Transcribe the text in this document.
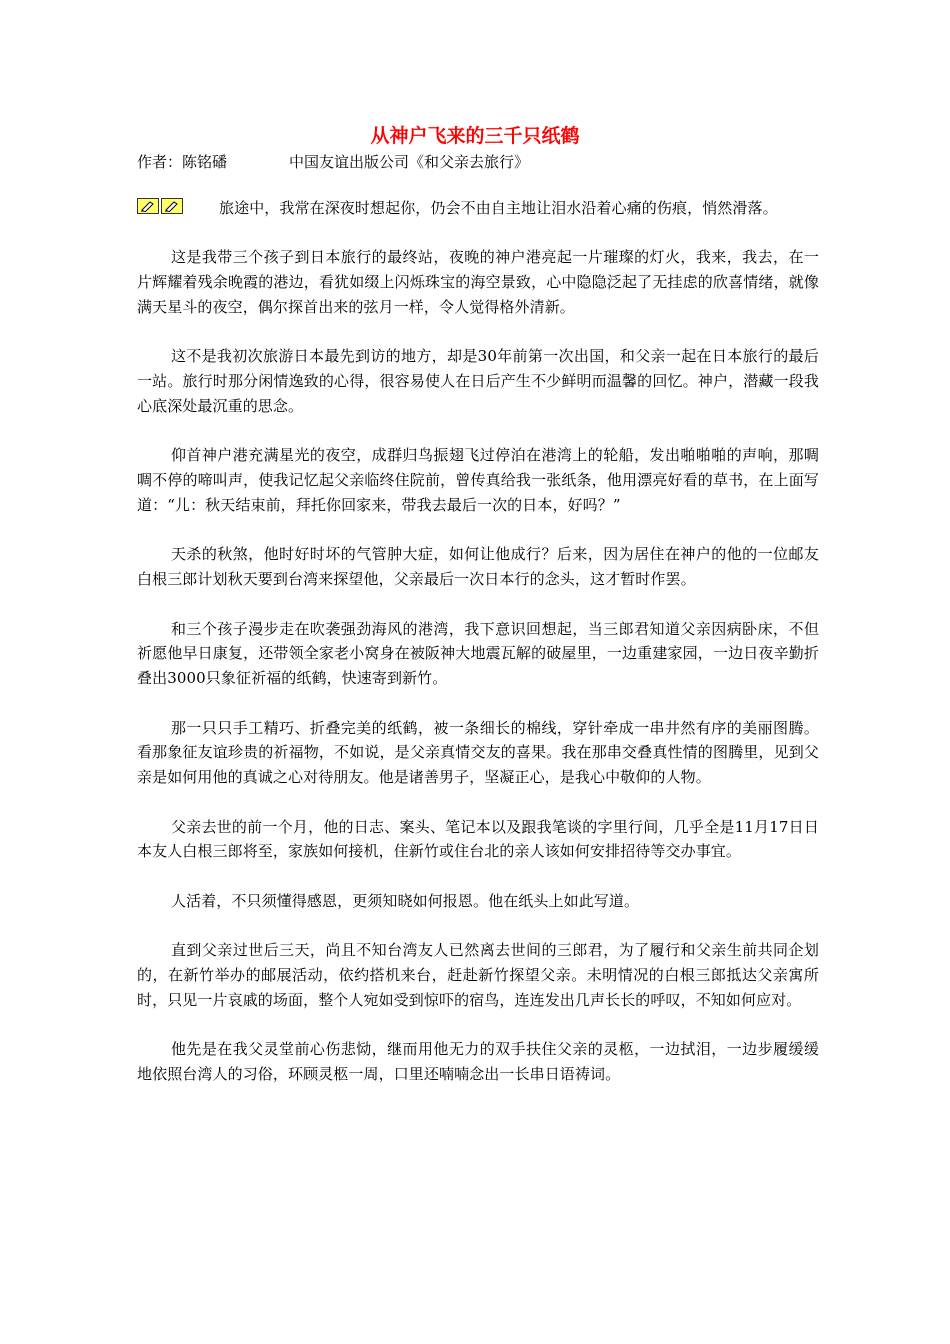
从神户飞来的三千只纸鹤
作者：陈铭磻	中国友谊出版公司《和父亲去旅行》

旅途中，我常在深夜时想起你，仍会不由自主地让泪水沿着心痛的伤痕，悄然滑落。

这是我带三个孩子到日本旅行的最终站，夜晚的神户港亮起一片璀璨的灯火，我来，我去，在一片辉耀着残余晚霞的港边，看犹如缀上闪烁珠宝的海空景致，心中隐隐泛起了无挂虑的欣喜情绪，就像满天星斗的夜空，偶尔探首出来的弦月一样，令人觉得格外清新。

这不是我初次旅游日本最先到访的地方，却是30年前第一次出国，和父亲一起在日本旅行的最后一站。旅行时那分闲情逸致的心得，很容易使人在日后产生不少鲜明而温馨的回忆。神户，潜藏一段我心底深处最沉重的思念。

仰首神户港充满星光的夜空，成群归鸟振翅飞过停泊在港湾上的轮船，发出啪啪啪的声响，那啁啁不停的啼叫声，使我记忆起父亲临终住院前，曾传真给我一张纸条，他用漂亮好看的草书，在上面写道：“儿：秋天结束前，拜托你回家来，带我去最后一次的日本，好吗？”

天杀的秋煞，他时好时坏的气管肿大症，如何让他成行？后来，因为居住在神户的他的一位邮友白根三郎计划秋天要到台湾来探望他，父亲最后一次日本行的念头，这才暂时作罢。

和三个孩子漫步走在吹袭强劲海风的港湾，我下意识回想起，当三郎君知道父亲因病卧床，不但祈愿他早日康复，还带领全家老小窝身在被阪神大地震瓦解的破屋里，一边重建家园，一边日夜辛勤折叠出3000只象征祈福的纸鹤，快速寄到新竹。

那一只只手工精巧、折叠完美的纸鹤，被一条细长的棉线，穿针牵成一串井然有序的美丽图腾。看那象征友谊珍贵的祈福物，不如说，是父亲真情交友的喜果。我在那串交叠真性情的图腾里，见到父亲是如何用他的真诚之心对待朋友。他是诸善男子，坚凝正心，是我心中敬仰的人物。

父亲去世的前一个月，他的日志、案头、笔记本以及跟我笔谈的字里行间，几乎全是11月17日日本友人白根三郎将至，家族如何接机，住新竹或住台北的亲人该如何安排招待等交办事宜。

人活着，不只须懂得感恩，更须知晓如何报恩。他在纸头上如此写道。

直到父亲过世后三天，尚且不知台湾友人已然离去世间的三郎君，为了履行和父亲生前共同企划的，在新竹举办的邮展活动，依约搭机来台，赶赴新竹探望父亲。未明情况的白根三郎抵达父亲寓所时，只见一片哀戚的场面，整个人宛如受到惊吓的宿鸟，连连发出几声长长的呼叹，不知如何应对。

他先是在我父灵堂前心伤悲恸，继而用他无力的双手扶住父亲的灵柩，一边拭泪，一边步履缓缓地依照台湾人的习俗，环顾灵柩一周，口里还喃喃念出一长串日语祷词。
